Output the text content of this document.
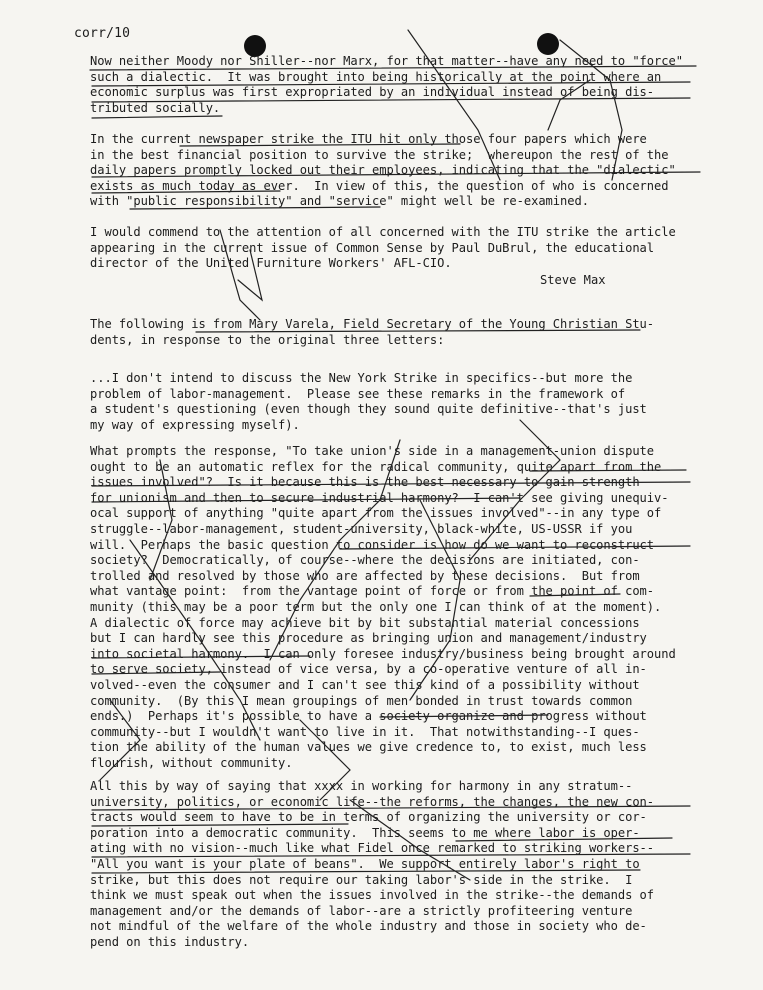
corr/10
Now neither Moody nor Shiller--nor Marx, for that matter--have any need to "force"
such a dialectic.  It was brought into being historically at the point where an
economic surplus was first expropriated by an individual instead of being dis-
tributed socially.
In the current newspaper strike the ITU hit only those four papers which were
in the best financial position to survive the strike;  whereupon the rest of the
daily papers promptly locked out their employees, indicating that the "dialectic"
exists as much today as ever.  In view of this, the question of who is concerned
with "public responsibility" and "service" might well be re-examined.
I would commend to the attention of all concerned with the ITU strike the article
appearing in the current issue of Common Sense by Paul DuBrul, the educational
director of the United Furniture Workers' AFL-CIO.
Steve Max
The following is from Mary Varela, Field Secretary of the Young Christian Stu-
dents, in response to the original three letters:
...I don't intend to discuss the New York Strike in specifics--but more the
problem of labor-management.  Please see these remarks in the framework of
a student's questioning (even though they sound quite definitive--that's just
my way of expressing myself).
What prompts the response, "To take union's side in a management-union dispute
ought to be an automatic reflex for the radical community, quite apart from the
issues involved"?  Is it because this is the best necessary to gain strength
for unionism and then to secure industrial harmony?  I can't see giving unequiv-
ocal support of anything "quite apart from the issues involved"--in any type of
struggle--labor-management, student-university, black-white, US-USSR if you
will.  Perhaps the basic question to consider is how do we want to reconstruct
society?  Democratically, of course--where the decisions are initiated, con-
trolled and resolved by those who are affected by these decisions.  But from
what vantage point:  from the vantage point of force or from the point of com-
munity (this may be a poor term but the only one I can think of at the moment).
A dialectic of force may achieve bit by bit substantial material concessions
but I can hardly see this procedure as bringing union and management/industry
into societal harmony.  I can only foresee industry/business being brought around
to serve society, instead of vice versa, by a co-operative venture of all in-
volved--even the consumer and I can't see this kind of a possibility without
community.  (By this I mean groupings of men bonded in trust towards common
ends.)  Perhaps it's possible to have a society organize and progress without
community--but I wouldn't want to live in it.  That notwithstanding--I ques-
tion the ability of the human values we give credence to, to exist, much less
flourish, without community.
All this by way of saying that xxxx in working for harmony in any stratum--
university, politics, or economic life--the reforms, the changes, the new con-
tracts would seem to have to be in terms of organizing the university or cor-
poration into a democratic community.  This seems to me where labor is oper-
ating with no vision--much like what Fidel once remarked to striking workers--
"All you want is your plate of beans".  We support entirely labor's right to
strike, but this does not require our taking labor's side in the strike.  I
think we must speak out when the issues involved in the strike--the demands of
management and/or the demands of labor--are a strictly profiteering venture
not mindful of the welfare of the whole industry and those in society who de-
pend on this industry.
